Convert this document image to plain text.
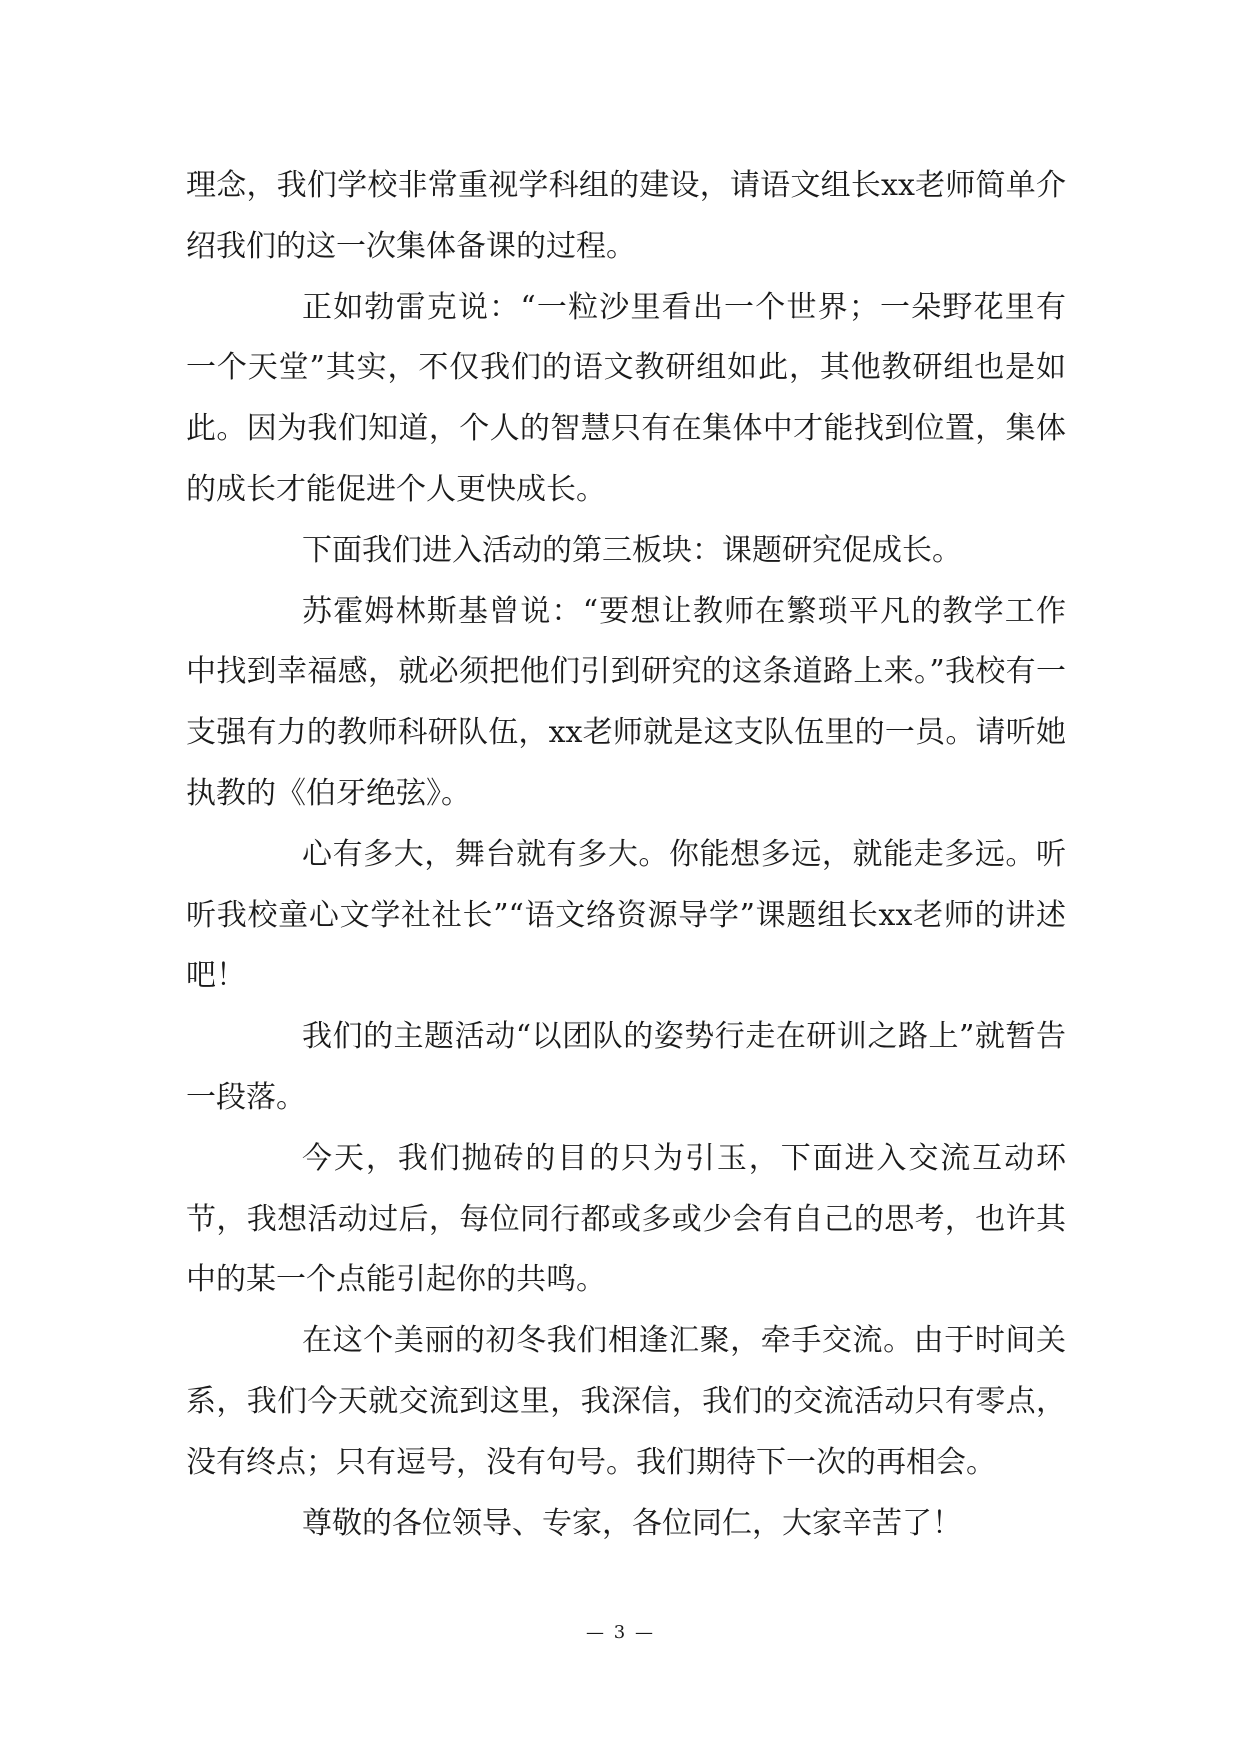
理念，我们学校非常重视学科组的建设，请语文组长xx老师简单介绍我们的这一次集体备课的过程。

正如勃雷克说：“一粒沙里看出一个世界；一朵野花里有一个天堂”其实，不仅我们的语文教研组如此，其他教研组也是如此。因为我们知道，个人的智慧只有在集体中才能找到位置，集体的成长才能促进个人更快成长。

下面我们进入活动的第三板块：课题研究促成长。

苏霍姆林斯基曾说：“要想让教师在繁琐平凡的教学工作中找到幸福感，就必须把他们引到研究的这条道路上来。”我校有一支强有力的教师科研队伍，xx老师就是这支队伍里的一员。请听她执教的《伯牙绝弦》。

心有多大，舞台就有多大。你能想多远，就能走多远。听听我校童心文学社社长”“语文络资源导学”课题组长xx老师的讲述吧！

我们的主题活动“以团队的姿势行走在研训之路上”就暂告一段落。

今天，我们抛砖的目的只为引玉，下面进入交流互动环节，我想活动过后，每位同行都或多或少会有自己的思考，也许其中的某一个点能引起你的共鸣。

在这个美丽的初冬我们相逢汇聚，牵手交流。由于时间关系，我们今天就交流到这里，我深信，我们的交流活动只有零点，没有终点；只有逗号，没有句号。我们期待下一次的再相会。

尊敬的各位领导、专家，各位同仁，大家辛苦了！

— 3 —
